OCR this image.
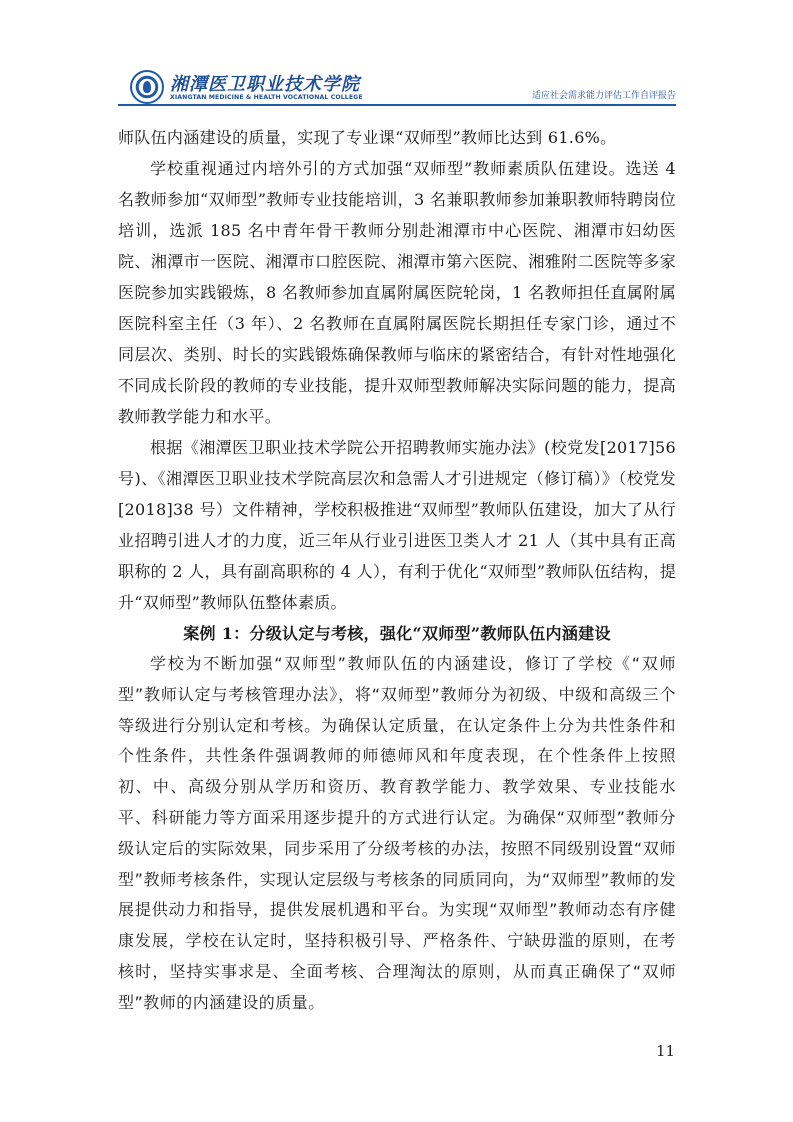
湘潭医卫职业技术学院
XIANGTAN MEDICINE & HEALTH VOCATIONAL COLLEGE	适应社会需求能力评估工作自评报告

师队伍内涵建设的质量，实现了专业课“双师型”教师比达到 61.6%。

学校重视通过内培外引的方式加强“双师型”教师素质队伍建设。选送 4 名教师参加“双师型”教师专业技能培训，3 名兼职教师参加兼职教师特聘岗位培训，选派 185 名中青年骨干教师分别赴湘潭市中心医院、湘潭市妇幼医院、湘潭市一医院、湘潭市口腔医院、湘潭市第六医院、湘雅附二医院等多家医院参加实践锻炼，8 名教师参加直属附属医院轮岗，1 名教师担任直属附属医院科室主任（3 年）、2 名教师在直属附属医院长期担任专家门诊，通过不同层次、类别、时长的实践锻炼确保教师与临床的紧密结合，有针对性地强化不同成长阶段的教师的专业技能，提升双师型教师解决实际问题的能力，提高教师教学能力和水平。

根据《湘潭医卫职业技术学院公开招聘教师实施办法》(校党发[2017]56 号)、《湘潭医卫职业技术学院高层次和急需人才引进规定（修订稿）》（校党发[2018]38 号）文件精神，学校积极推进“双师型”教师队伍建设，加大了从行业招聘引进人才的力度，近三年从行业引进医卫类人才 21 人（其中具有正高职称的 2 人，具有副高职称的 4 人），有利于优化“双师型”教师队伍结构，提升“双师型”教师队伍整体素质。

案例 1：分级认定与考核，强化“双师型”教师队伍内涵建设

学校为不断加强“双师型”教师队伍的内涵建设，修订了学校《“双师型”教师认定与考核管理办法》，将“双师型”教师分为初级、中级和高级三个等级进行分别认定和考核。为确保认定质量，在认定条件上分为共性条件和个性条件，共性条件强调教师的师德师风和年度表现，在个性条件上按照初、中、高级分别从学历和资历、教育教学能力、教学效果、专业技能水平、科研能力等方面采用逐步提升的方式进行认定。为确保“双师型”教师分级认定后的实际效果，同步采用了分级考核的办法，按照不同级别设置“双师型”教师考核条件，实现认定层级与考核条的同质同向，为“双师型”教师的发展提供动力和指导，提供发展机遇和平台。为实现“双师型”教师动态有序健康发展，学校在认定时，坚持积极引导、严格条件、宁缺毋滥的原则，在考核时，坚持实事求是、全面考核、合理淘汰的原则，从而真正确保了“双师型”教师的内涵建设的质量。

11
